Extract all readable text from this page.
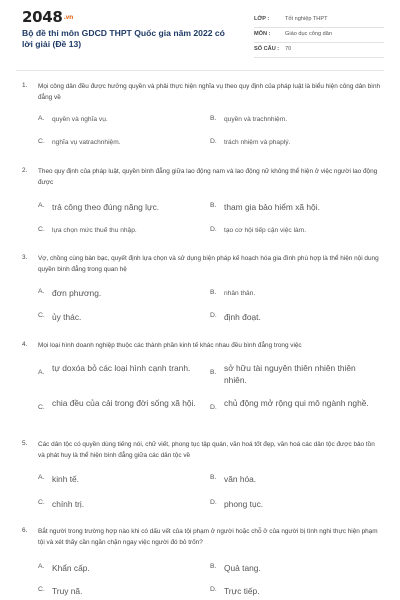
2048.vn
Bộ đề thi môn GDCD THPT Quốc gia năm 2022 có lời giải (Đề 13)
LỚP :	Tốt nghiệp THPT
MÔN :	Giáo dục công dân
SỐ CÂU : 70
1. Mọi công dân đều được hưởng quyền và phải thực hiện nghĩa vụ theo quy định của pháp luật là biểu hiện công dân bình đẳng về
A. quyền và nghĩa vụ.	B. quyền và trachnhiệm.
C. nghĩa vụ vatrachnhiệm.	D. trách nhiệm và phaplý.
2. Theo quy định của pháp luật, quyền bình đẳng giữa lao động nam và lao động nữ không thể hiện ở việc người lao động được
A. trả công theo đúng năng lực.	B. tham gia bảo hiểm xã hội.
C. lựa chọn mức thuế thu nhập.	D. tạo cơ hội tiếp cận việc làm.
3. Vợ, chồng cùng bàn bạc, quyết định lựa chọn và sử dụng biện pháp kế hoạch hóa gia đình phù hợp là thể hiện nội dung quyền bình đẳng trong quan hệ
A. đơn phương.	B. nhân thân.
C. ủy thác.	D. định đoạt.
4. Mọi loại hình doanh nghiệp thuộc các thành phần kinh tế khác nhau đều bình đẳng trong việc
A. tự doxóa bỏ các loại hình cạnh tranh.	B. sở hữu tài nguyên thiên nhiên thiên nhiên.
C. chia đều của cải trong đời sống xã hội.	D. chủ động mở rộng qui mô ngành nghề.
5. Các dân tộc có quyền dùng tiếng nói, chữ viết, phong tục tập quán, văn hoá tốt đẹp, văn hoá các dân tộc được bảo tồn và phát huy là thể hiện bình đẳng giữa các dân tộc về
A. kinh tế.	B. văn hóa.
C. chính trị.	D. phong tục.
6. Bắt người trong trường hợp nào khi có dấu vết của tội phạm ở người hoặc chỗ ở của người bị tình nghi thực hiện phạm tội và xét thấy cần ngăn chặn ngay việc người đó bỏ trốn?
A. Khẩn cấp.	B. Quả tang.
C. Truy nã.	D. Trực tiếp.
